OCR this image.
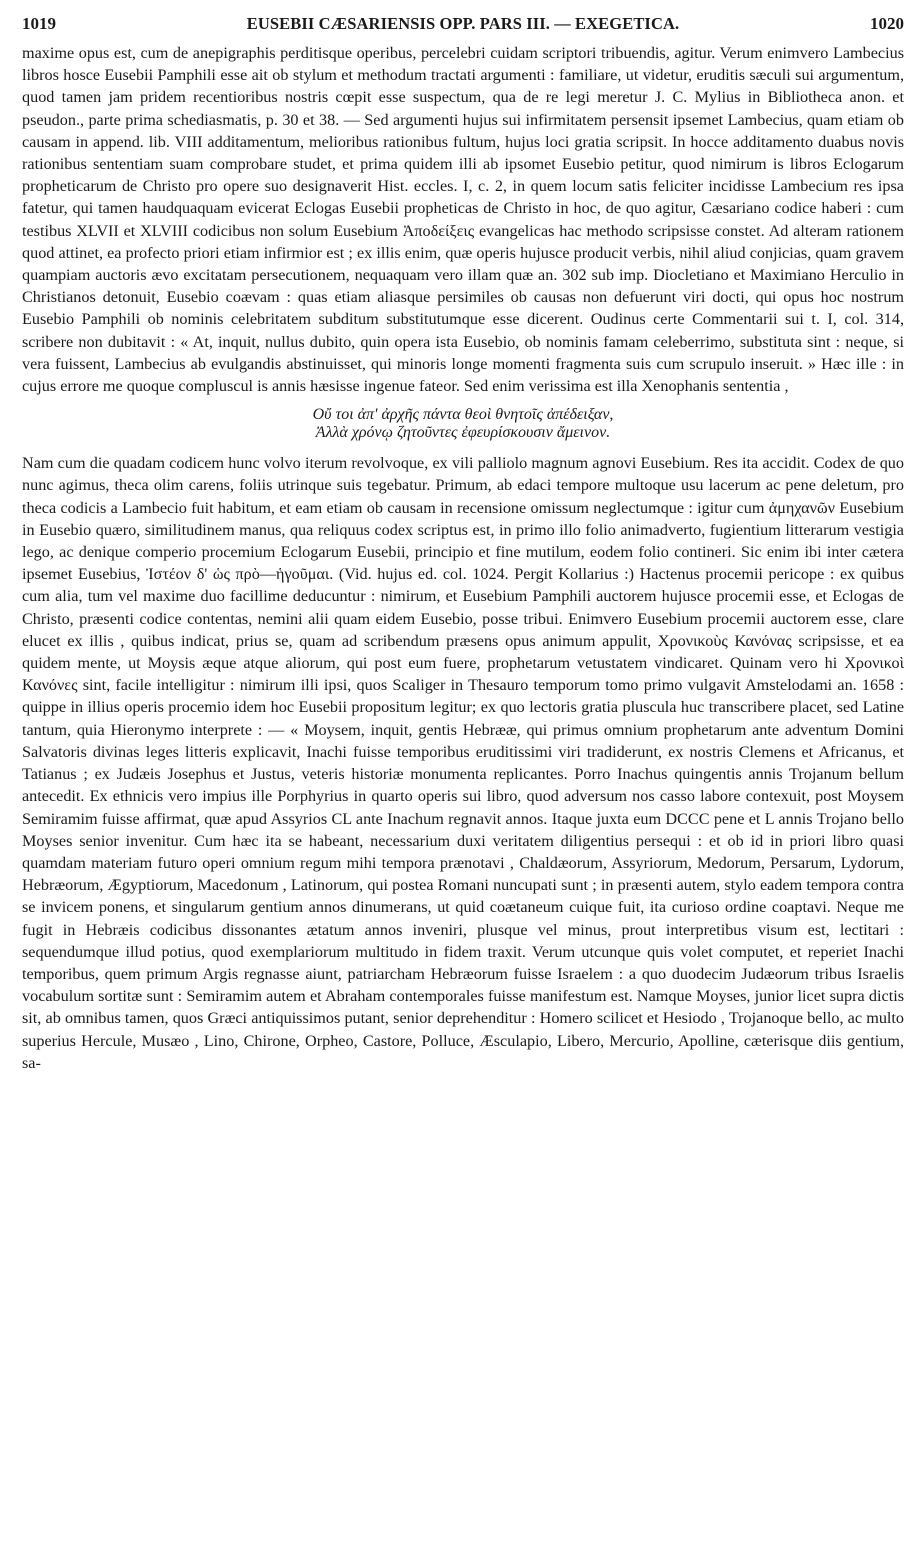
1019	EUSEBII CÆSARIENSIS OPP. PARS III. — EXEGETICA.	1020

maxime opus est, cum de anepigraphis perditisque operibus, percelebri cuidam scriptori tribuendis, agitur. Verum enimvero Lambecius libros hosce Eusebii Pamphili esse ait ob stylum et methodum tractati argumenti : familiare, ut videtur, eruditis sæculi sui argumentum, quod tamen jam pridem recentioribus nostris cœpit esse suspectum, qua de re legi meretur J. C. Mylius in Bibliotheca anon. et pseudon., parte prima schediasmatis, p. 30 et 38. — Sed argumenti hujus sui infirmitatem persensit ipsemet Lambecius, quam etiam ob causam in append. lib. VIII additamentum, melioribus rationibus fultum, hujus loci gratia scripsit. In hocce additamento duabus novis rationibus sententiam suam comprobare studet, et prima quidem illi ab ipsomet Eusebio petitur, quod nimirum is libros Eclogarum propheticarum de Christo pro opere suo designaverit Hist. eccles. I, c. 2, in quem locum satis feliciter incidisse Lambecium res ipsa fatetur, qui tamen haudquaquam evicerat Eclogas Eusebii propheticas de Christo in hoc, de quo agitur, Cæsariano codice haberi : cum testibus XLVII et XLVIII codicibus non solum Eusebium Ἀποδείξεις evangelicas hac methodo scripsisse constet. Ad alteram rationem quod attinet, ea profecto priori etiam infirmior est ; ex illis enim, quæ operis hujusce producit verbis, nihil aliud conjicias, quam gravem quampiam auctoris ævo excitatam persecutionem, nequaquam vero illam quæ an. 302 sub imp. Diocletiano et Maximiano Herculio in Christianos detonuit, Eusebio coævam : quas etiam aliasque persimiles ob causas non defuerunt viri docti, qui opus hoc nostrum Eusebio Pamphili ob nominis celebritatem subditum substitutumque esse dicerent. Oudinus certe Commentarii sui t. I, col. 314, scribere non dubitavit : « At, inquit, nullus dubito, quin opera ista Eusebio, ob nominis famam celeberrimo, substituta sint : neque, si vera fuissent, Lambecius ab evulgandis abstinuisset, qui minoris longe momenti fragmenta suis cum scrupulo inseruit. » Hæc ille : in cujus errore me quoque compluscul is annis hæsisse ingenue fateor. Sed enim verissima est illa Xenophanis sententia ,

Οὔ τοι ἀπ' ἀρχῆς πάντα θεοὶ θνητοῖς ἀπέδειξαν,
Ἀλλὰ χρόνῳ ζητοῦντες ἐφευρίσκουσιν ἄμεινον.

Nam cum die quadam codicem hunc volvo iterum revolvoque, ex vili palliolo magnum agnovi Eusebium. Res ita accidit. Codex de quo nunc agimus, theca olim carens, foliis utrinque suis tegebatur. Primum, ab edaci tempore multoque usu lacerum ac pene deletum, pro theca codicis a Lambecio fuit habitum, et eam etiam ob causam in recensione omissum neglectumque : igitur cum ἀμηχανῶν Eusebium in Eusebio quæro, similitudinem manus, qua reliquus codex scriptus est, in primo illo folio animadverto, fugientium litterarum vestigia lego, ac denique comperio procemium Eclogarum Eusebii, principio et fine mutilum, eodem folio contineri. Sic enim ibi inter cætera ipsemet Eusebius, Ἰστέον δ' ὡς πρὸ—ἡγοῦμαι. (Vid. hujus ed. col. 1024. Pergit Kollarius :) Hactenus procemii pericope : ex quibus cum alia, tum vel maxime duo facillime deducuntur : nimirum, et Eusebium Pamphili auctorem hujusce procemii esse, et Eclogas de Christo, præsenti codice contentas, nemini alii quam eidem Eusebio, posse tribui. Enimvero Eusebium procemii auctorem esse, clare elucet ex illis , quibus indicat, prius se, quam ad scribendum præsens opus animum appulit, Χρονικοὺς Κανόνας scripsisse, et ea quidem mente, ut Moysis æque atque aliorum, qui post eum fuere, prophetarum vetustatem vindicaret. Quinam vero hi Χρονικοὶ Κανόνες sint, facile intelligitur : nimirum illi ipsi, quos Scaliger in Thesauro temporum tomo primo vulgavit Amstelodami an. 1658 : quippe in illius operis procemio idem hoc Eusebii propositum legitur; ex quo lectoris gratia pluscula huc transcribere placet, sed Latine tantum, quia Hieronymo interprete : — « Moysem, inquit, gentis Hebrææ, qui primus omnium prophetarum ante adventum Domini Salvatoris divinas leges litteris explicavit, Inachi fuisse temporibus eruditissimi viri tradiderunt, ex nostris Clemens et Africanus, et Tatianus ; ex Judæis Josephus et Justus, veteris historiæ monumenta replicantes. Porro Inachus quingentis annis Trojanum bellum antecedit. Ex ethnicis vero impius ille Porphyrius in quarto operis sui libro, quod adversum nos casso labore contexuit, post Moysem Semiramim fuisse affirmat, quæ apud Assyrios CL ante Inachum regnavit annos. Itaque juxta eum DCCC pene et L annis Trojano bello Moyses senior invenitur. Cum hæc ita se habeant, necessarium duxi veritatem diligentius persequi : et ob id in priori libro quasi quamdam materiam futuro operi omnium regum mihi tempora prænotavi , Chaldæorum, Assyriorum, Medorum, Persarum, Lydorum, Hebræorum, Ægyptiorum, Macedonum , Latinorum, qui postea Romani nuncupati sunt ; in præsenti autem, stylo eadem tempora contra se invicem ponens, et singularum gentium annos dinumerans, ut quid coætaneum cuique fuit, ita curioso ordine coaptavi. Neque me fugit in Hebræis codicibus dissonantes ætatum annos inveniri, plusque vel minus, prout interpretibus visum est, lectitari : sequendumque illud potius, quod exemplariorum multitudo in fidem traxit. Verum utcunque quis volet computet, et reperiet Inachi temporibus, quem primum Argis regnasse aiunt, patriarcham Hebræorum fuisse Israelem : a quo duodecim Judæorum tribus Israelis vocabulum sortitæ sunt : Semiramim autem et Abraham contemporales fuisse manifestum est. Namque Moyses, junior licet supra dictis sit, ab omnibus tamen, quos Græci antiquissimos putant, senior deprehenditur : Homero scilicet et Hesiodo , Trojanoque bello, ac multo superius Hercule, Musæo , Lino, Chirone, Orpheo, Castore, Polluce, Æsculapio, Libero, Mercurio, Apolline, cæterisque diis gentium, sa-
